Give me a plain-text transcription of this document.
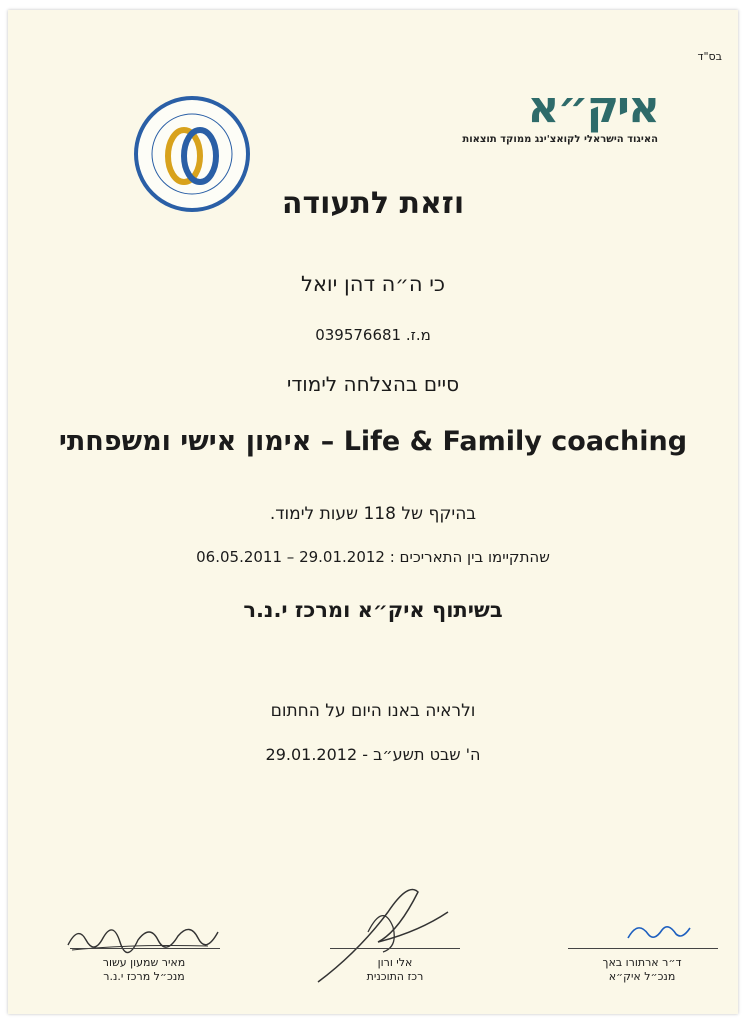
בס"ד
איק״א
האיגוד הישראלי לקואצ'ינג ממוקד תוצאות
וזאת לתעודה
כי ה״ה דהן יואל
מ.ז. 039576681
סיים בהצלחה לימודי
Life & Family coaching – אימון אישי ומשפחתי
בהיקף של 118 שעות לימוד.
שהתקיימו בין התאריכים : 29.01.2012 – 06.05.2011
בשיתוף איק״א ומרכז י.נ.ר
ולראיה באנו היום על החתום
ה' שבט תשע״ב - 29.01.2012
מאיר שמעון עשור
מנכ״ל מרכז י.נ.ר
אלי ורון
רכז התוכנית
ד״ר ארתורו באך
מנכ״ל איק״א
